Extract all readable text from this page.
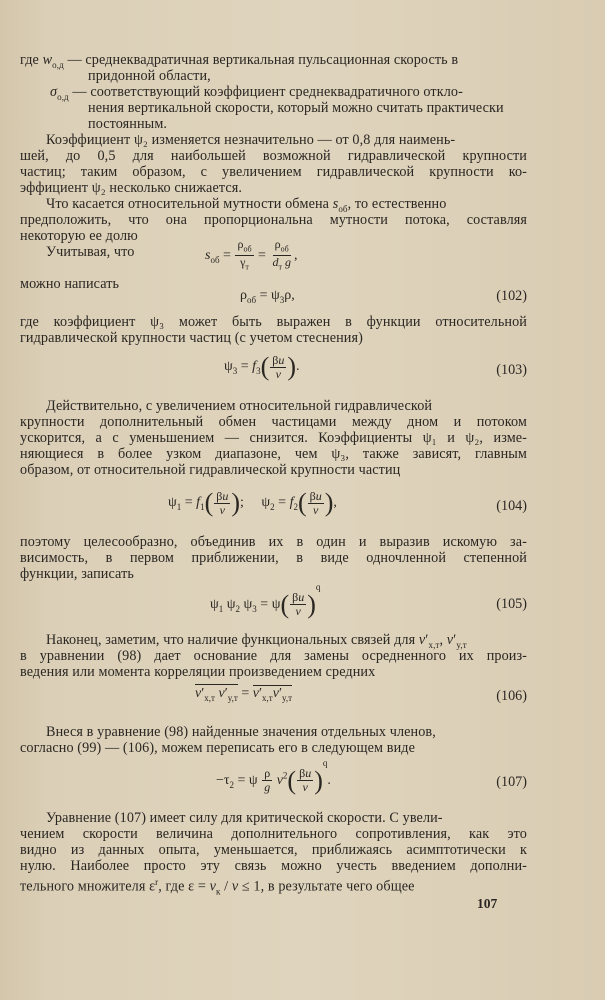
где $w_{о,д}$ — среднеквадратичная вертикальная пульсационная скорость в
придонной области,
$\sigma_{о,д}$ — соответствующий коэффициент среднеквадратичного откло-
нения вертикальной скорости, который можно считать практически
постоянным.
Коэффициент ψ₂ изменяется незначительно — от 0,8 для наимень-
шей, до 0,5 для наибольшей возможной гидравлической крупности
частиц; таким образом, с увеличением гидравлической крупности ко-
эффициент ψ₂ несколько снижается.
Что касается относительной мутности обмена $s_{об}$, то естественно
предположить, что она пропорциональна мутности потока, составляя
некоторую ее долю
Учитывая, что	$s_{об} = \frac{\rho_{об}}{\gamma_т} = \frac{\rho_{об}}{d_т g}$ ,
можно написать
$\rho_{об} = \psi_3\rho$,	(102)
где коэффициент ψ₃ может быть выражен в функции относительной
гидравлической крупности частиц (с учетом стеснения)
$\psi_3 = f_3( \frac{\beta u}{v}$ ).	(103)
Действительно, с увеличением относительной гидравлической
крупности дополнительный обмен частицами между дном и потоком
ускорится, а с уменьшением — снизится. Коэффициенты ψ₁ и ψ₂, изме-
няющиеся в более узком диапазоне, чем ψ₃, также зависят, главным
образом, от относительной гидравлической крупности частиц
$\psi_1 = f_1( \frac{\beta u}{v}$ );     $\psi_2 = f_2( \frac{\beta u}{v}$ ),	(104)
поэтому целесообразно, объединив их в один и выразив искомую за-
висимость, в первом приближении, в виде одночленной степенной
функции, записать
$\psi_1$ $\psi_2$ $\psi_3 = \psi( \frac{\beta u}{v} )^q$
(105)
Наконец, заметим, что наличие функциональных связей для $v'_{x,т}$, $v'_{y,т}$
в уравнении (98) дает основание для замены осредненного их произ-
ведения или момента корреляции произведением средних
$v'_{x,т}$ $v'_{y,т} = v'_{x,т}v'_{y,т}$	(106)
Внеся в уравнение (98) найденные значения отдельных членов,
согласно (99) — (106), можем переписать его в следующем виде
$-\tau_2 = \psi \frac{\rho}{g} v^2( \frac{\beta u}{v} )^q$.	(107)
Уравнение (107) имеет силу для критической скорости. С увели-
чением скорости величина дополнительного сопротивления, как это
видно из данных опыта, уменьшается, приближаясь асимптотически к
нулю. Наиболее просто эту связь можно учесть введением дополни-
тельного множителя $\varepsilon^r$, где $\varepsilon = v_к / v \le 1$, в результате чего общее
107
